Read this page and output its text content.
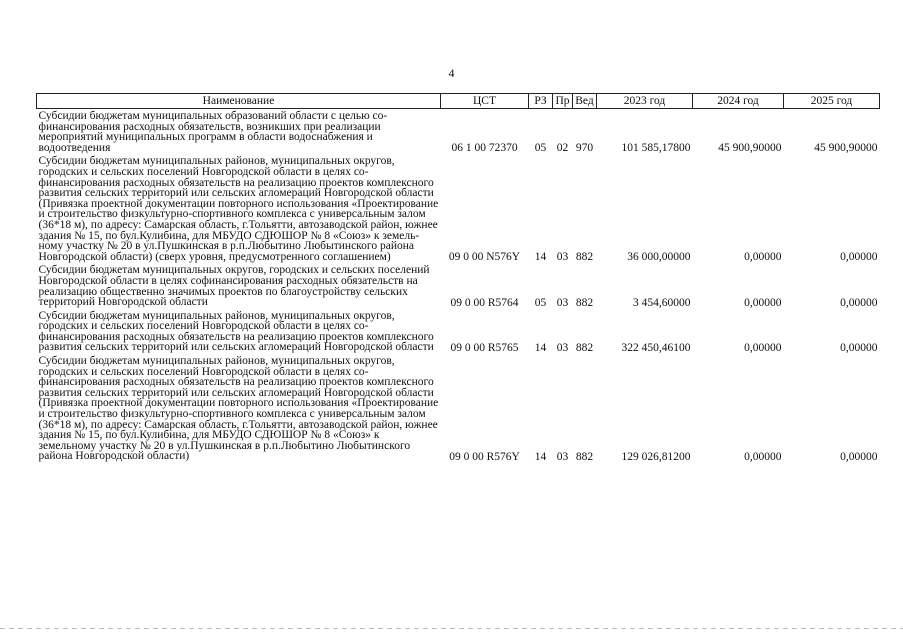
4
Наименование	ЦСТ	РЗ	Пр	Вед	2023 год	2024 год	2025 год
Субсидии бюджетам муниципальных образований области с целью софинансирования расходных обязательств, возникших при реализации мероприятий муниципальных программ в области водоснабжения и водоотведения	06 1 00 72370	05	02	970	101 585,17800	45 900,90000	45 900,90000
Субсидии бюджетам муниципальных районов, муниципальных округов, городских и сельских поселений Новгородской области в целях софинансирования расходных обязательств на реализацию проектов комплексного развития сельских территорий или сельских агломераций Новгородской области (Привязка проектной документации повторного использования «Проектирование и строительство физкультурно-спортивного комплекса с универсальным залом (36*18 м), по адресу: Самарская область, г.Тольятти, автозаводской район, южнее здания № 15, по бул.Кулибина, для МБУДО СДЮШОР № 8 «Союз» к земельному участку № 20 в ул.Пушкинская в р.п.Любытино Любытинского района Новгородской области) (сверх уровня, предусмотренного соглашением)	09 0 00 N576Y	14	03	882	36 000,00000	0,00000	0,00000
Субсидии бюджетам муниципальных округов, городских и сельских поселений Новгородской области в целях софинансирования расходных обязательств на реализацию общественно значимых проектов по благоустройству сельских территорий Новгородской области	09 0 00 R5764	05	03	882	3 454,60000	0,00000	0,00000
Субсидии бюджетам муниципальных районов, муниципальных округов, городских и сельских поселений Новгородской области в целях софинансирования расходных обязательств на реализацию проектов комплексного развития сельских территорий или сельских агломераций Новгородской области	09 0 00 R5765	14	03	882	322 450,46100	0,00000	0,00000
Субсидии бюджетам муниципальных районов, муниципальных округов, городских и сельских поселений Новгородской области в целях софинансирования расходных обязательств на реализацию проектов комплексного развития сельских территорий или сельских агломераций Новгородской области (Привязка проектной документации повторного использования «Проектирование и строительство физкультурно-спортивного комплекса с универсальным залом (36*18 м), по адресу: Самарская область, г.Тольятти, автозаводской район, южнее здания № 15, по бул.Кулибина, для МБУДО СДЮШОР № 8 «Союз» к земельному участку № 20 в ул.Пушкинская в р.п.Любытино Любытинского района Новгородской области)	09 0 00 R576Y	14	03	882	129 026,81200	0,00000	0,00000
